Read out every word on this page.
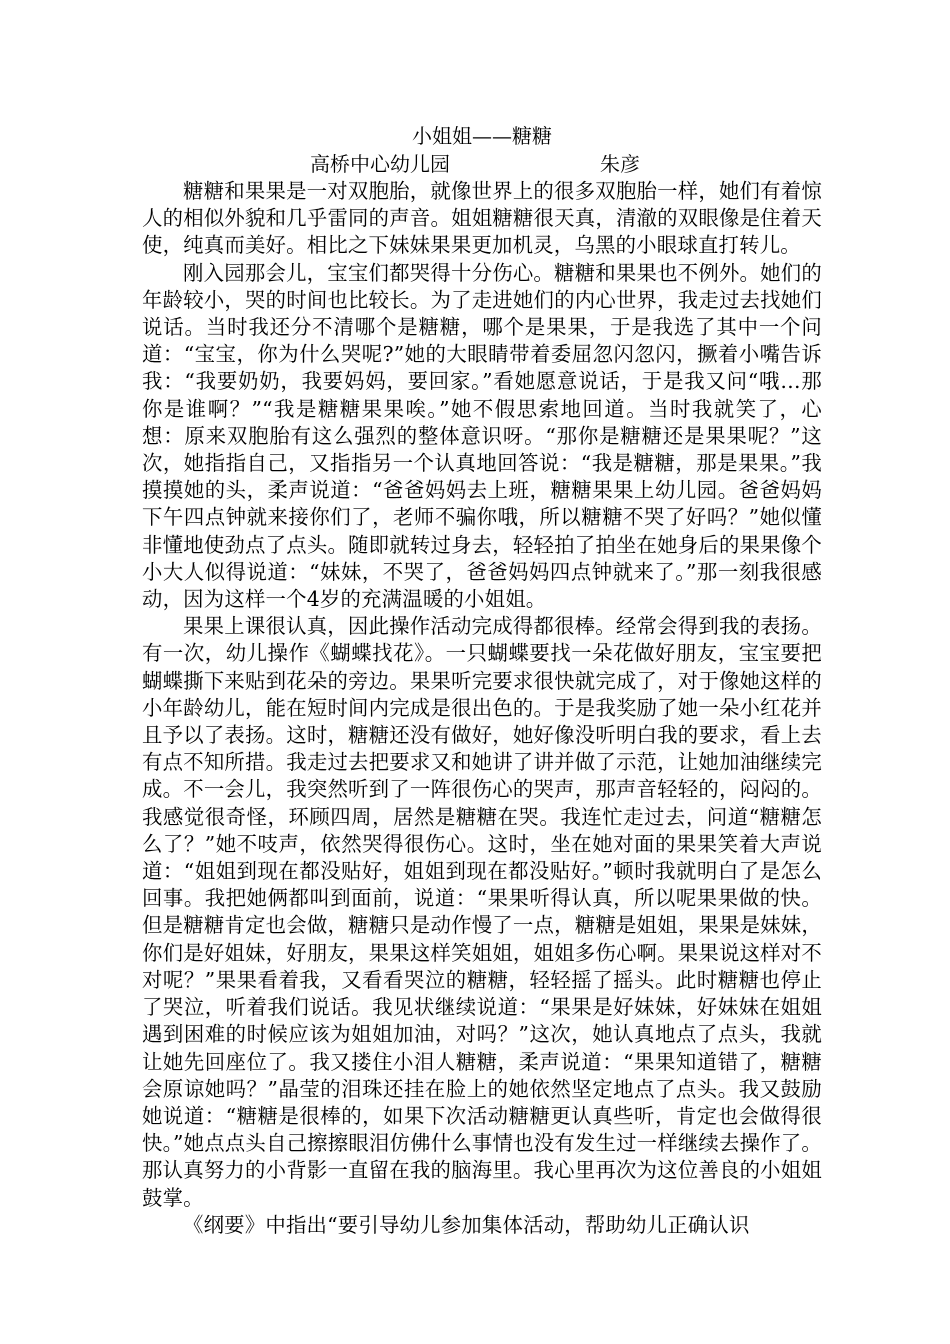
小姐姐——糖糖
高桥中心幼儿园	朱彦

糖糖和果果是一对双胞胎，就像世界上的很多双胞胎一样，她们有着惊人的相似外貌和几乎雷同的声音。姐姐糖糖很天真，清澈的双眼像是住着天使，纯真而美好。相比之下妹妹果果更加机灵，乌黑的小眼球直打转儿。

刚入园那会儿，宝宝们都哭得十分伤心。糖糖和果果也不例外。她们的年龄较小，哭的时间也比较长。为了走进她们的内心世界，我走过去找她们说话。当时我还分不清哪个是糖糖，哪个是果果，于是我选了其中一个问道：“宝宝，你为什么哭呢?”她的大眼睛带着委屈忽闪忽闪，撅着小嘴告诉我：“我要奶奶，我要妈妈，要回家。”看她愿意说话，于是我又问“哦…那你是谁啊？”“我是糖糖果果唉。”她不假思索地回道。当时我就笑了，心想：原来双胞胎有这么强烈的整体意识呀。“那你是糖糖还是果果呢？”这次，她指指自己，又指指另一个认真地回答说：“我是糖糖，那是果果。”我摸摸她的头，柔声说道：“爸爸妈妈去上班，糖糖果果上幼儿园。爸爸妈妈下午四点钟就来接你们了，老师不骗你哦，所以糖糖不哭了好吗？”她似懂非懂地使劲点了点头。随即就转过身去，轻轻拍了拍坐在她身后的果果像个小大人似得说道：“妹妹，不哭了，爸爸妈妈四点钟就来了。”那一刻我很感动，因为这样一个4岁的充满温暖的小姐姐。

果果上课很认真，因此操作活动完成得都很棒。经常会得到我的表扬。有一次，幼儿操作《蝴蝶找花》。一只蝴蝶要找一朵花做好朋友，宝宝要把蝴蝶撕下来贴到花朵的旁边。果果听完要求很快就完成了，对于像她这样的小年龄幼儿，能在短时间内完成是很出色的。于是我奖励了她一朵小红花并且予以了表扬。这时，糖糖还没有做好，她好像没听明白我的要求，看上去有点不知所措。我走过去把要求又和她讲了讲并做了示范，让她加油继续完成。不一会儿，我突然听到了一阵很伤心的哭声，那声音轻轻的，闷闷的。我感觉很奇怪，环顾四周，居然是糖糖在哭。我连忙走过去，问道“糖糖怎么了？”她不吱声，依然哭得很伤心。这时，坐在她对面的果果笑着大声说道：“姐姐到现在都没贴好，姐姐到现在都没贴好。”顿时我就明白了是怎么回事。我把她俩都叫到面前，说道：“果果听得认真，所以呢果果做的快。但是糖糖肯定也会做，糖糖只是动作慢了一点，糖糖是姐姐，果果是妹妹，你们是好姐妹，好朋友，果果这样笑姐姐，姐姐多伤心啊。果果说这样对不对呢？”果果看着我，又看看哭泣的糖糖，轻轻摇了摇头。此时糖糖也停止了哭泣，听着我们说话。我见状继续说道：“果果是好妹妹，好妹妹在姐姐遇到困难的时候应该为姐姐加油，对吗？”这次，她认真地点了点头，我就让她先回座位了。我又搂住小泪人糖糖，柔声说道：“果果知道错了，糖糖会原谅她吗？”晶莹的泪珠还挂在脸上的她依然坚定地点了点头。我又鼓励她说道：“糖糖是很棒的，如果下次活动糖糖更认真些听，肯定也会做得很快。”她点点头自己擦擦眼泪仿佛什么事情也没有发生过一样继续去操作了。那认真努力的小背影一直留在我的脑海里。我心里再次为这位善良的小姐姐鼓掌。

《纲要》中指出“要引导幼儿参加集体活动，帮助幼儿正确认识
